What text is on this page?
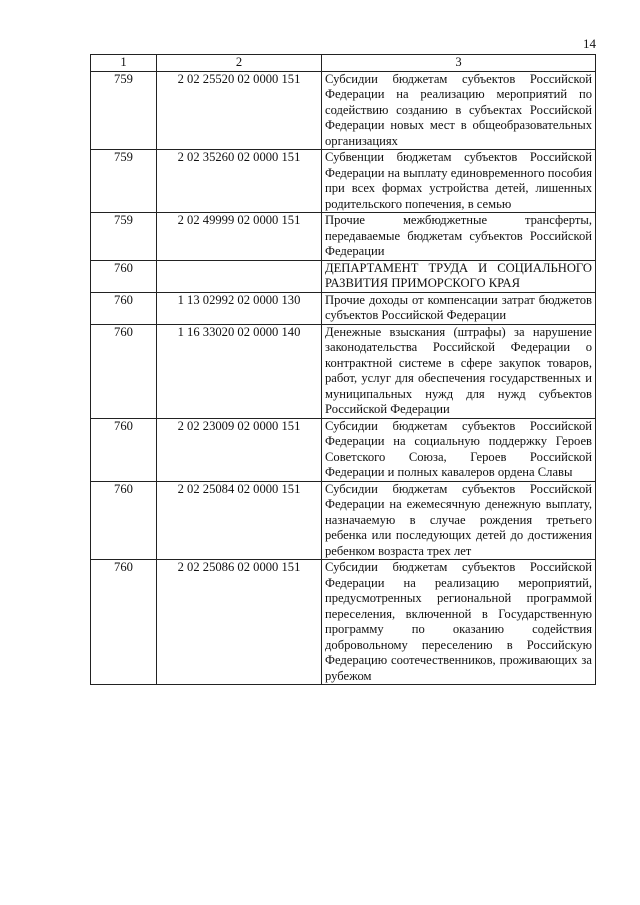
14
1	2	3
759	2 02 25520 02 0000 151	Субсидии бюджетам субъектов Российской Федерации на реализацию мероприятий по содействию созданию в субъектах Российской Федерации новых мест в общеобразовательных организациях
759	2 02 35260 02 0000 151	Субвенции бюджетам субъектов Российской Федерации на выплату единовременного пособия при всех формах устройства детей, лишенных родительского попечения, в семью
759	2 02 49999 02 0000 151	Прочие межбюджетные трансферты, передаваемые бюджетам субъектов Российской Федерации
760		ДЕПАРТАМЕНТ ТРУДА И СОЦИАЛЬНОГО РАЗВИТИЯ ПРИМОРСКОГО КРАЯ
760	1 13 02992 02 0000 130	Прочие доходы от компенсации затрат бюджетов субъектов Российской Федерации
760	1 16 33020 02 0000 140	Денежные взыскания (штрафы) за нарушение законодательства Российской Федерации о контрактной системе в сфере закупок товаров, работ, услуг для обеспечения государственных и муниципальных нужд для нужд субъектов Российской Федерации
760	2 02 23009 02 0000 151	Субсидии бюджетам субъектов Российской Федерации на социальную поддержку Героев Советского Союза, Героев Российской Федерации и полных кавалеров ордена Славы
760	2 02 25084 02 0000 151	Субсидии бюджетам субъектов Российской Федерации на ежемесячную денежную выплату, назначаемую в случае рождения третьего ребенка или последующих детей до достижения ребенком возраста трех лет
760	2 02 25086 02 0000 151	Субсидии бюджетам субъектов Российской Федерации на реализацию мероприятий, предусмотренных региональной программой переселения, включенной в Государственную программу по оказанию содействия добровольному переселению в Российскую Федерацию соотечественников, проживающих за рубежом
